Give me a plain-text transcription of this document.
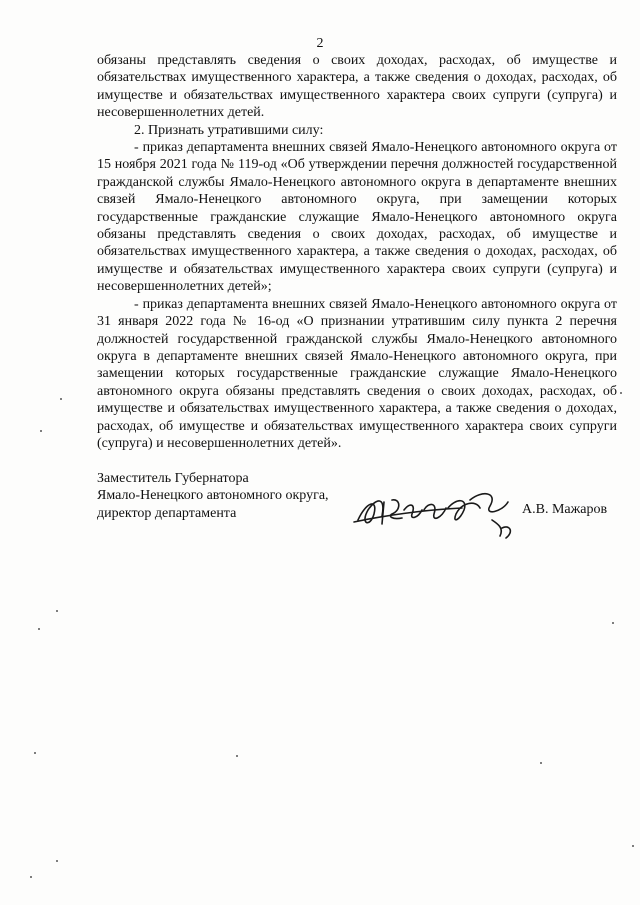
2

обязаны представлять сведения о своих доходах, расходах, об имуществе и обязательствах имущественного характера, а также сведения о доходах, расходах, об имуществе и обязательствах имущественного характера своих супруги (супруга) и несовершеннолетних детей.

2. Признать утратившими силу:

- приказ департамента внешних связей Ямало-Ненецкого автономного округа от 15 ноября 2021 года № 119-од «Об утверждении перечня должностей государственной гражданской службы Ямало-Ненецкого автономного округа в департаменте внешних связей Ямало-Ненецкого автономного округа, при замещении которых государственные гражданские служащие Ямало-Ненецкого автономного округа обязаны представлять сведения о своих доходах, расходах, об имуществе и обязательствах имущественного характера, а также сведения о доходах, расходах, об имуществе и обязательствах имущественного характера своих супруги (супруга) и несовершеннолетних детей»;

- приказ департамента внешних связей Ямало-Ненецкого автономного округа от 31 января 2022 года № 16-од «О признании утратившим силу пункта 2 перечня должностей государственной гражданской службы Ямало-Ненецкого автономного округа в департаменте внешних связей Ямало-Ненецкого автономного округа, при замещении которых государственные гражданские служащие Ямало-Ненецкого автономного округа обязаны представлять сведения о своих доходах, расходах, об имуществе и обязательствах имущественного характера, а также сведения о доходах, расходах, об имуществе и обязательствах имущественного характера своих супруги (супруга) и несовершеннолетних детей».

Заместитель Губернатора
Ямало-Ненецкого автономного округа,
директор департамента	А.В. Мажаров
